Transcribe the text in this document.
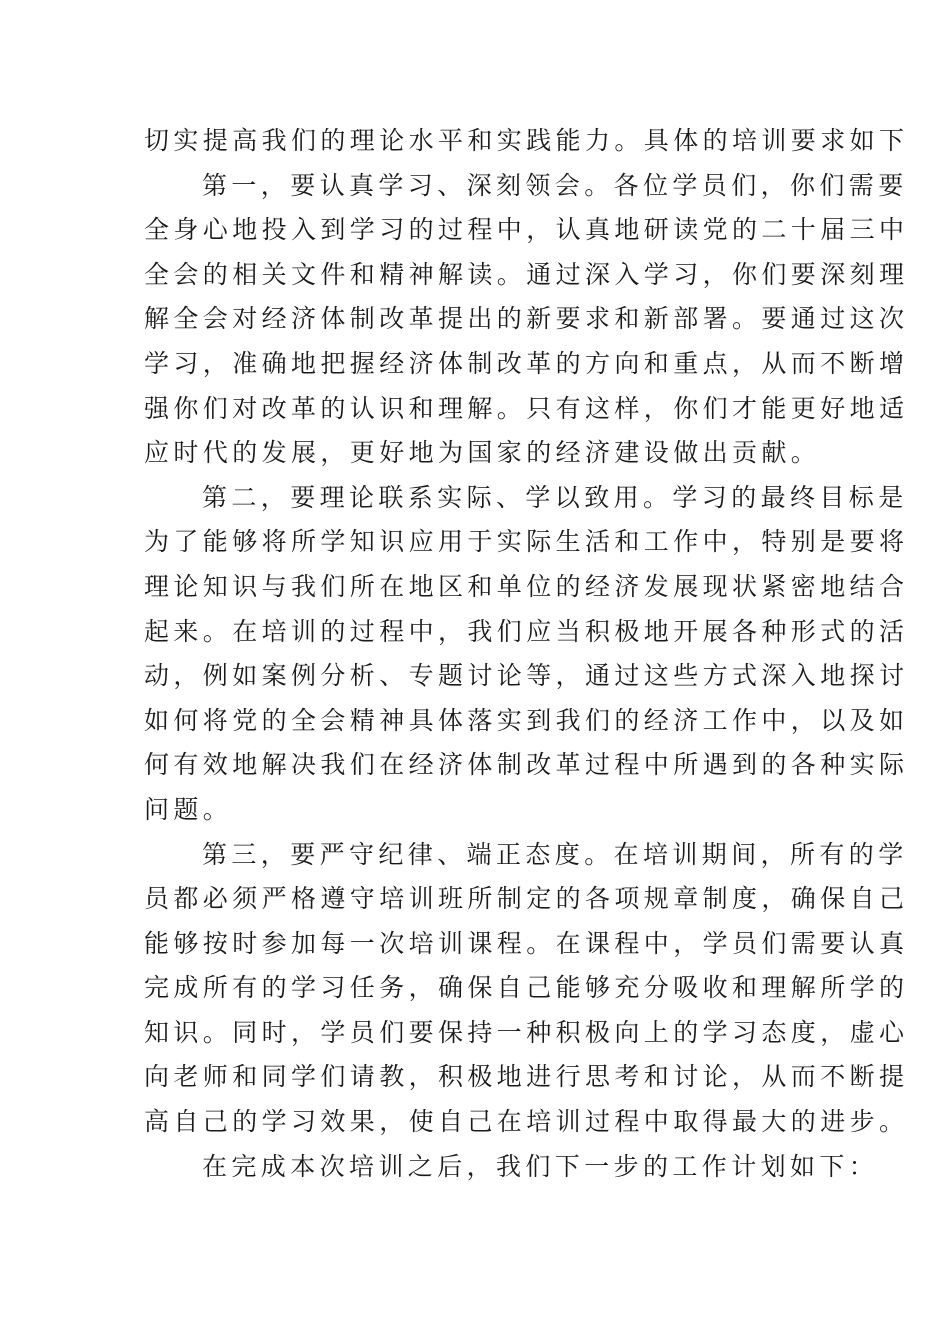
切实提高我们的理论水平和实践能力。具体的培训要求如下
第一，要认真学习、深刻领会。各位学员们，你们需要
全身心地投入到学习的过程中，认真地研读党的二十届三中
全会的相关文件和精神解读。通过深入学习，你们要深刻理
解全会对经济体制改革提出的新要求和新部署。要通过这次
学习，准确地把握经济体制改革的方向和重点，从而不断增
强你们对改革的认识和理解。只有这样，你们才能更好地适
应时代的发展，更好地为国家的经济建设做出贡献。
第二，要理论联系实际、学以致用。学习的最终目标是
为了能够将所学知识应用于实际生活和工作中，特别是要将
理论知识与我们所在地区和单位的经济发展现状紧密地结合
起来。在培训的过程中，我们应当积极地开展各种形式的活
动，例如案例分析、专题讨论等，通过这些方式深入地探讨
如何将党的全会精神具体落实到我们的经济工作中，以及如
何有效地解决我们在经济体制改革过程中所遇到的各种实际
问题。
第三，要严守纪律、端正态度。在培训期间，所有的学
员都必须严格遵守培训班所制定的各项规章制度，确保自己
能够按时参加每一次培训课程。在课程中，学员们需要认真
完成所有的学习任务，确保自己能够充分吸收和理解所学的
知识。同时，学员们要保持一种积极向上的学习态度，虚心
向老师和同学们请教，积极地进行思考和讨论，从而不断提
高自己的学习效果，使自己在培训过程中取得最大的进步。
在完成本次培训之后，我们下一步的工作计划如下：
